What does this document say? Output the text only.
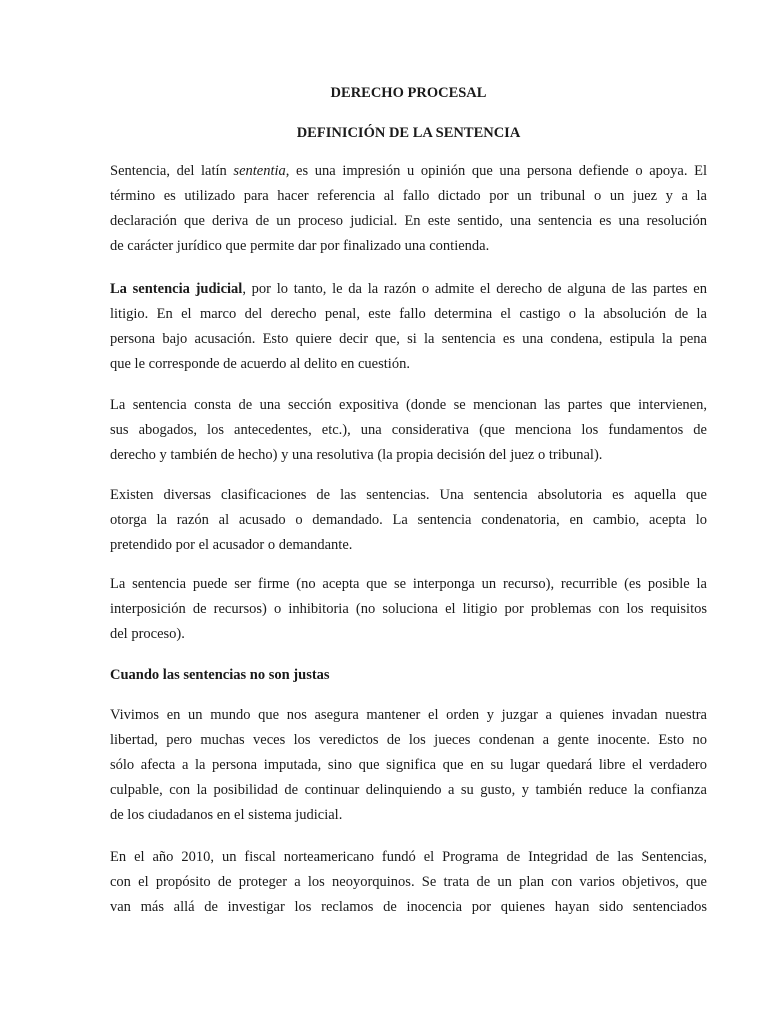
DERECHO PROCESAL
DEFINICIÓN DE LA SENTENCIA
Sentencia, del latín sententia, es una impresión u opinión que una persona defiende o apoya. El
término es utilizado para hacer referencia al fallo dictado por un tribunal o un juez y a la
declaración que deriva de un proceso judicial. En este sentido, una sentencia es una resolución
de carácter jurídico que permite dar por finalizado una contienda.
La sentencia judicial, por lo tanto, le da la razón o admite el derecho de alguna de las partes en
litigio. En el marco del derecho penal, este fallo determina el castigo o la absolución de la
persona bajo acusación. Esto quiere decir que, si la sentencia es una condena, estipula la pena
que le corresponde de acuerdo al delito en cuestión.
La sentencia consta de una sección expositiva (donde se mencionan las partes que intervienen,
sus abogados, los antecedentes, etc.), una considerativa (que menciona los fundamentos de
derecho y también de hecho) y una resolutiva (la propia decisión del juez o tribunal).
Existen diversas clasificaciones de las sentencias. Una sentencia absolutoria es aquella que
otorga la razón al acusado o demandado. La sentencia condenatoria, en cambio, acepta lo
pretendido por el acusador o demandante.
La sentencia puede ser firme (no acepta que se interponga un recurso), recurrible (es posible la
interposición de recursos) o inhibitoria (no soluciona el litigio por problemas con los requisitos
del proceso).
Cuando las sentencias no son justas
Vivimos en un mundo que nos asegura mantener el orden y juzgar a quienes invadan nuestra
libertad, pero muchas veces los veredictos de los jueces condenan a gente inocente. Esto no
sólo afecta a la persona imputada, sino que significa que en su lugar quedará libre el verdadero
culpable, con la posibilidad de continuar delinquiendo a su gusto, y también reduce la confianza
de los ciudadanos en el sistema judicial.
En el año 2010, un fiscal norteamericano fundó el Programa de Integridad de las Sentencias,
con el propósito de proteger a los neoyorquinos. Se trata de un plan con varios objetivos, que
van más allá de investigar los reclamos de inocencia por quienes hayan sido sentenciados
